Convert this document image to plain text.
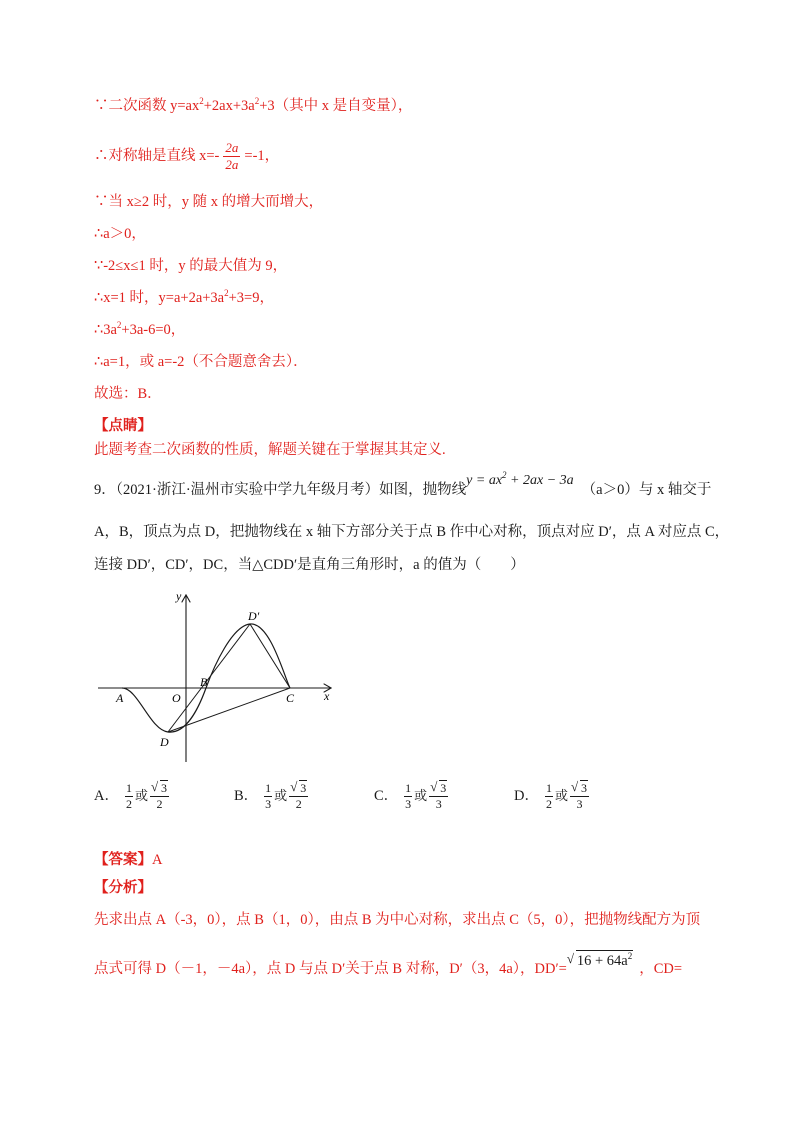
∵二次函数 $y=ax^2+2ax+3a^2+3$（其中 x 是自变量），
∴对称轴是直线 $x=- \frac{2a}{2a} =-1$，
∵当 x≥2 时，y 随 x 的增大而增大，
∴a＞0，
∵-2≤x≤1 时，y 的最大值为 9，
∴x=1 时，$y=a+2a+3a^2+3=9$，
$\therefore 3a^2+3a-6=0$，
∴a=1，或 a=-2（不合题意舍去）．
故选：B．
【点睛】
此题考查二次函数的性质，解题关键在于掌握其其定义.
9．（2021·浙江·温州市实验中学九年级月考）如图，抛物线$y = ax^2 + 2ax - 3a(a>0)$与 x 轴交于
A，B，顶点为点 D，把抛物线在 x 轴下方部分关于点 B 作中心对称，顶点对应 D′，点 A 对应点 C，
连接 DD′，CD′，DC，当△CDD′是直角三角形时，a 的值为（　　）
y
x
A	O
B
C
D
D′
A． $\frac{1}{2}$ 或 √ $\frac{3}{2}$	B． $\frac{1}{3}$ 或 √ $\frac{3}{2}$	C． $\frac{1}{3}$ 或 √ $\frac{3}{3}$	D． $\frac{1}{2}$ 或 √ $\frac{3}{3}$
【答案】A
【分析】
先求出点 A（-3，0），点 B（1，0），由点 B 为中心对称，求出点 C（5，0），把抛物线配方为顶
点式可得 D（－1，－4a），点 D 与点 D′关于点 B 对称，D′（3，4a），DD′= √ $16 + 64a^2$，CD=
